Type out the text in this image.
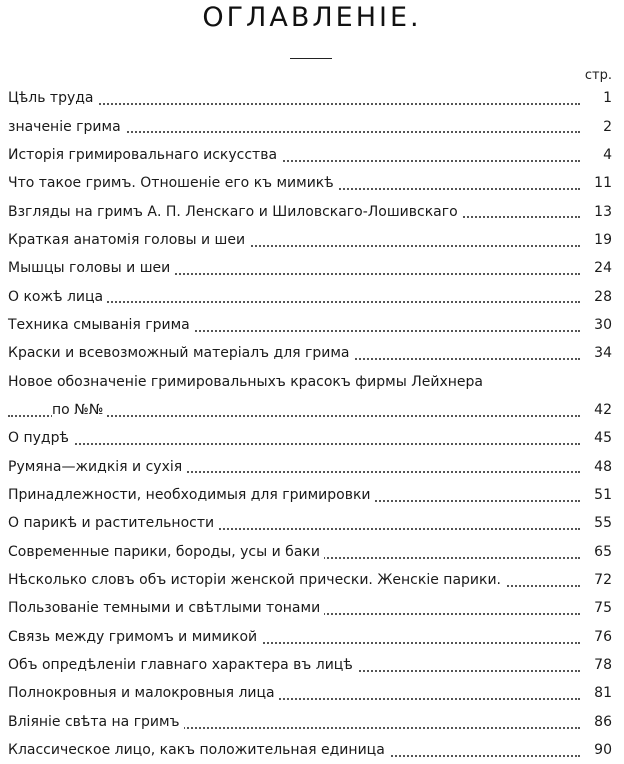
ОГЛАВЛЕНІЕ.
стр.
Цѣль труда	1
значеніе грима	2
Исторія гримировальнаго искусства	4
Что такое гримъ. Отношеніе его къ мимикѣ	11
Взгляды на гримъ А. П. Ленскаго и Шиловскаго-Лошивскаго	13
Краткая анатомія головы и шеи	19
Мышцы головы и шеи	24
О кожѣ лица	28
Техника смыванія грима	30
Краски и всевозможный матеріалъ для грима	34
Новое обозначеніе гримировальныхъ красокъ фирмы Лейхнера
по №№	42
О пудрѣ	45
Румяна—жидкія и сухія	48
Принадлежности, необходимыя для гримировки	51
О парикѣ и растительности	55
Современные парики, бороды, усы и баки	65
Нѣсколько словъ объ исторіи женской прически. Женскіе парики.	72
Пользованіе темными и свѣтлыми тонами	75
Связь между гримомъ и мимикой	76
Объ опредѣленіи главнаго характера въ лицѣ	78
Полнокровныя и малокровныя лица	81
Вліяніе свѣта на гримъ	86
Классическое лицо, какъ положительная единица	90
